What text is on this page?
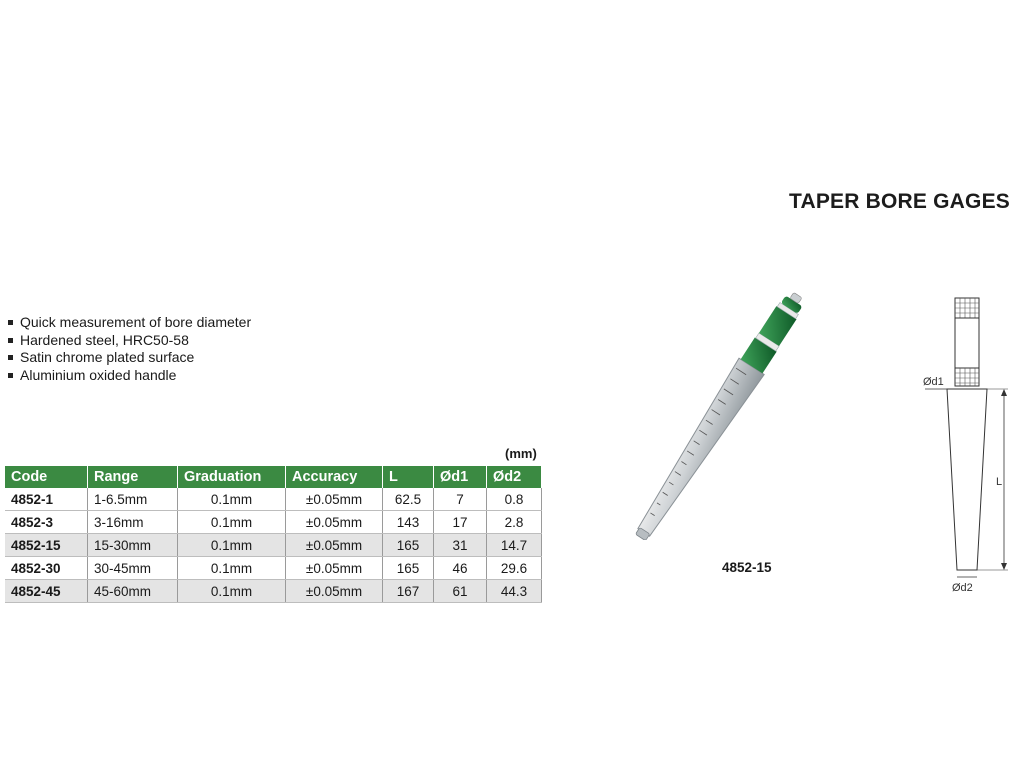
TAPER BORE GAGES
Quick measurement of bore diameter
Hardened steel, HRC50-58
Satin chrome plated surface
Aluminium oxided handle
(mm)
Code	Range	Graduation	Accuracy	L	Ød1	Ød2
4852-1	1-6.5mm	0.1mm	±0.05mm	62.5	7	0.8
4852-3	3-16mm	0.1mm	±0.05mm	143	17	2.8
4852-15	15-30mm	0.1mm	±0.05mm	165	31	14.7
4852-30	30-45mm	0.1mm	±0.05mm	165	46	29.6
4852-45	45-60mm	0.1mm	±0.05mm	167	61	44.3
4852-15
Ød1
L
Ød2
